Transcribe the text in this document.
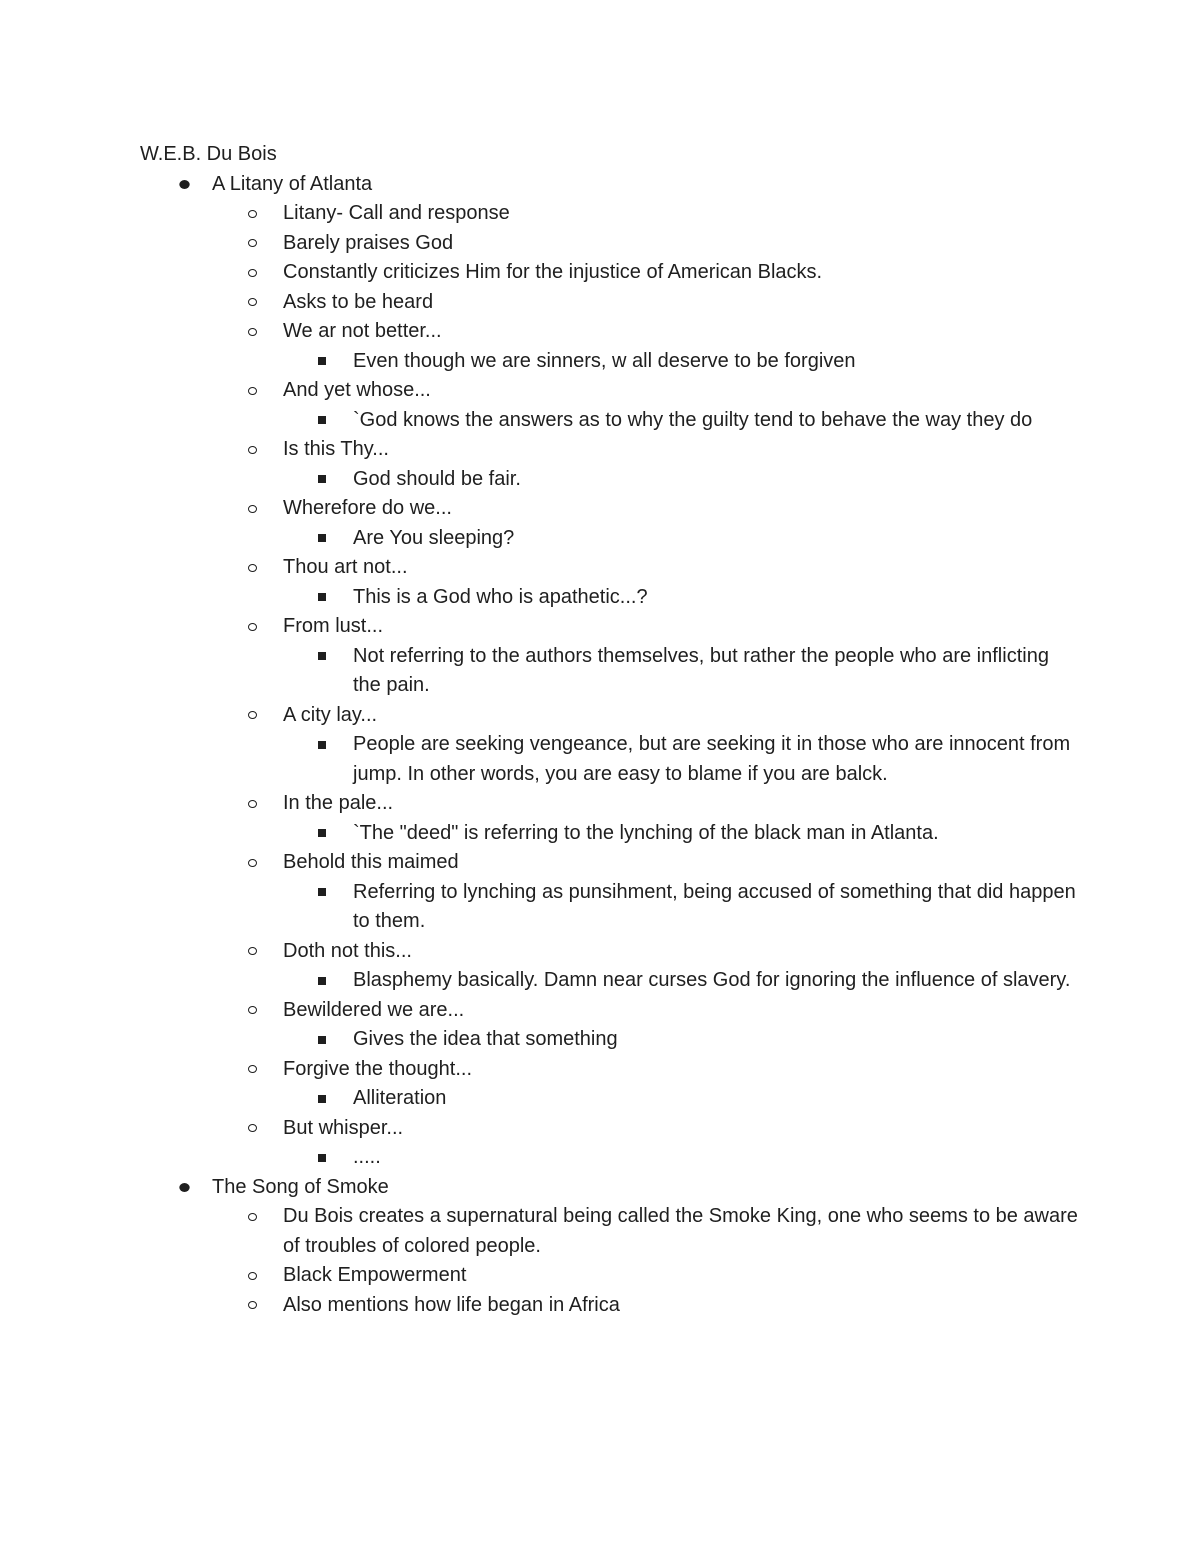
W.E.B. Du Bois
A Litany of Atlanta
Litany- Call and response
Barely praises God
Constantly criticizes Him for the injustice of American Blacks.
Asks to be heard
We ar not better...
Even though we are sinners, w all deserve to be forgiven
And yet whose...
`God knows the answers as to why the guilty tend to behave the way they do
Is this Thy...
God should be fair.
Wherefore do we...
Are You sleeping?
Thou art not...
This is a God who is apathetic...?
From lust...
Not referring to the authors themselves, but rather the people who are inflicting the pain.
A city lay...
People are seeking vengeance, but are seeking it in those who are innocent from jump. In other words, you are easy to blame if you are balck.
In the pale...
`The "deed" is referring to the lynching of the black man in Atlanta.
Behold this maimed
Referring to lynching as punsihment, being accused of something that did happen to them.
Doth not this...
Blasphemy basically. Damn near curses God for ignoring the influence of slavery.
Bewildered we are...
Gives the idea that something
Forgive the thought...
Alliteration
But whisper...
.....
The Song of Smoke
Du Bois creates a supernatural being called the Smoke King, one who seems to be aware of troubles of colored people.
Black Empowerment
Also mentions how life began in Africa
